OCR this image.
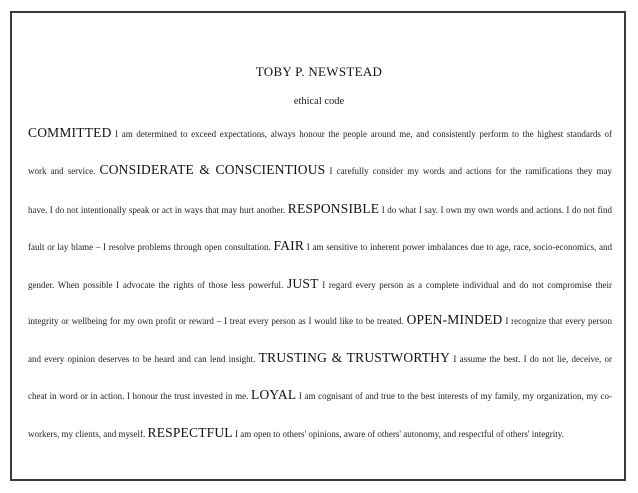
TOBY P. NEWSTEAD
ethical code
COMMITTED I am determined to exceed expectations, always honour the people around me, and consistently perform to the highest standards of
work and service. CONSIDERATE & CONSCIENTIOUS I carefully consider my words and actions for the ramifications they may
have. I do not intentionally speak or act in ways that may hurt another. RESPONSIBLE I do what I say. I own my own words and actions. I do not find
fault or lay blame – I resolve problems through open consultation. FAIR I am sensitive to inherent power imbalances due to age, race, socio-economics, and
gender. When possible I advocate the rights of those less powerful. JUST I regard every person as a complete individual and do not compromise their
integrity or wellbeing for my own profit or reward – I treat every person as I would like to be treated. OPEN-MINDED I recognize that every person
and every opinion deserves to be heard and can lend insight. TRUSTING & TRUSTWORTHY I assume the best. I do not lie, deceive, or
cheat in word or in action. I honour the trust invested in me. LOYAL I am cognisant of and true to the best interests of my family, my organization, my co-
workers, my clients, and myself. RESPECTFUL I am open to others' opinions, aware of others' autonomy, and respectful of others' integrity.
